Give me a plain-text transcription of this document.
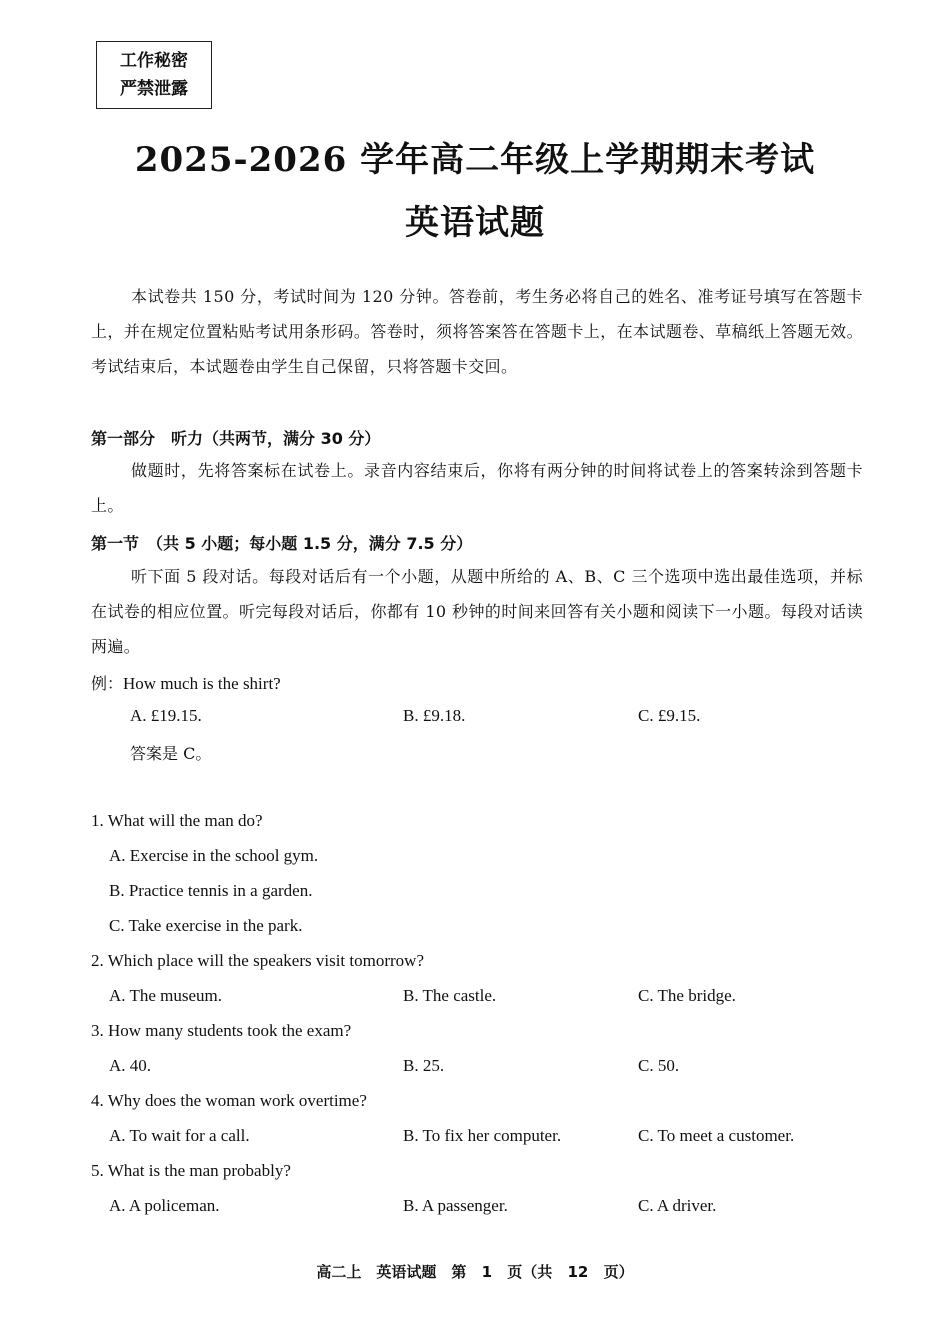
工作秘密
严禁泄露
2025-2026 学年高二年级上学期期末考试
英语试题
本试卷共 150 分，考试时间为 120 分钟。答卷前，考生务必将自己的姓名、准考证号填写在答题卡上，并在规定位置粘贴考试用条形码。答卷时，须将答案答在答题卡上，在本试题卷、草稿纸上答题无效。考试结束后，本试题卷由学生自己保留，只将答题卡交回。
第一部分　听力（共两节，满分 30 分）
做题时，先将答案标在试卷上。录音内容结束后，你将有两分钟的时间将试卷上的答案转涂到答题卡上。
第一节　（共 5 小题；每小题 1.5 分，满分 7.5 分）
听下面 5 段对话。每段对话后有一个小题，从题中所给的 A、B、C 三个选项中选出最佳选项，并标在试卷的相应位置。听完每段对话后，你都有 10 秒钟的时间来回答有关小题和阅读下一小题。每段对话读两遍。
例：How much is the shirt?
A. £19.15.	B. £9.18.	C. £9.15.
答案是 C。
1. What will the man do?
A. Exercise in the school gym.
B. Practice tennis in a garden.
C. Take exercise in the park.
2. Which place will the speakers visit tomorrow?
A. The museum.	B. The castle.	C. The bridge.
3. How many students took the exam?
A. 40.	B. 25.	C. 50.
4. Why does the woman work overtime?
A. To wait for a call.	B. To fix her computer.	C. To meet a customer.
5. What is the man probably?
A. A policeman.	B. A passenger.	C. A driver.
高二上　英语试题　第 1 页（共 12 页）
